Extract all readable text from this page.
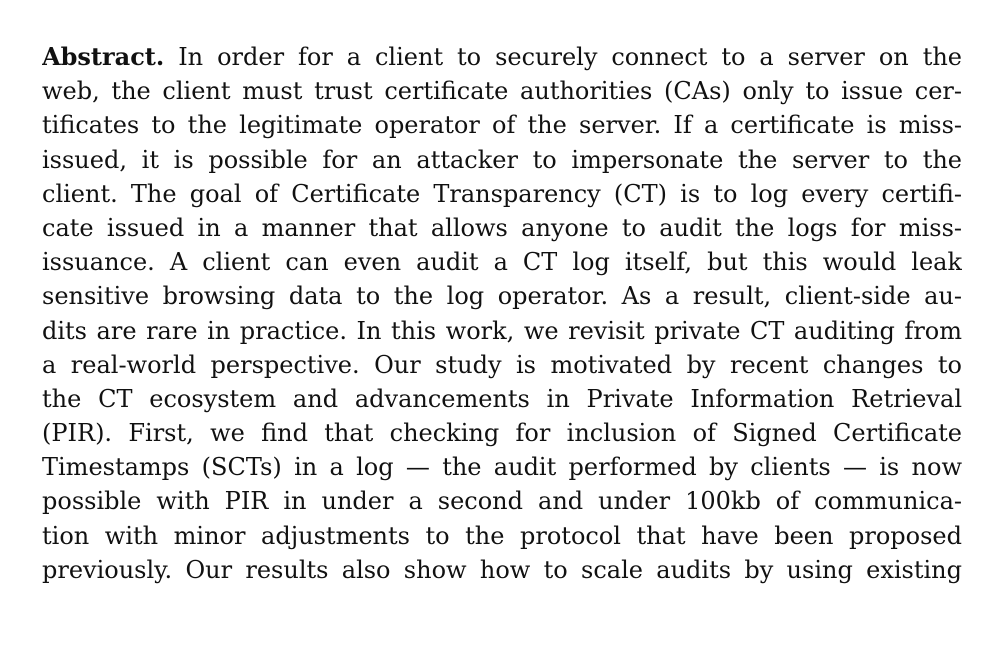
Abstract. In order for a client to securely connect to a server on the
web, the client must trust certificate authorities (CAs) only to issue cer-
tificates to the legitimate operator of the server. If a certificate is miss-
issued, it is possible for an attacker to impersonate the server to the
client. The goal of Certificate Transparency (CT) is to log every certifi-
cate issued in a manner that allows anyone to audit the logs for miss-
issuance. A client can even audit a CT log itself, but this would leak
sensitive browsing data to the log operator. As a result, client-side au-
dits are rare in practice. In this work, we revisit private CT auditing from
a real-world perspective. Our study is motivated by recent changes to
the CT ecosystem and advancements in Private Information Retrieval
(PIR). First, we find that checking for inclusion of Signed Certificate
Timestamps (SCTs) in a log — the audit performed by clients — is now
possible with PIR in under a second and under 100kb of communica-
tion with minor adjustments to the protocol that have been proposed
previously. Our results also show how to scale audits by using existing
